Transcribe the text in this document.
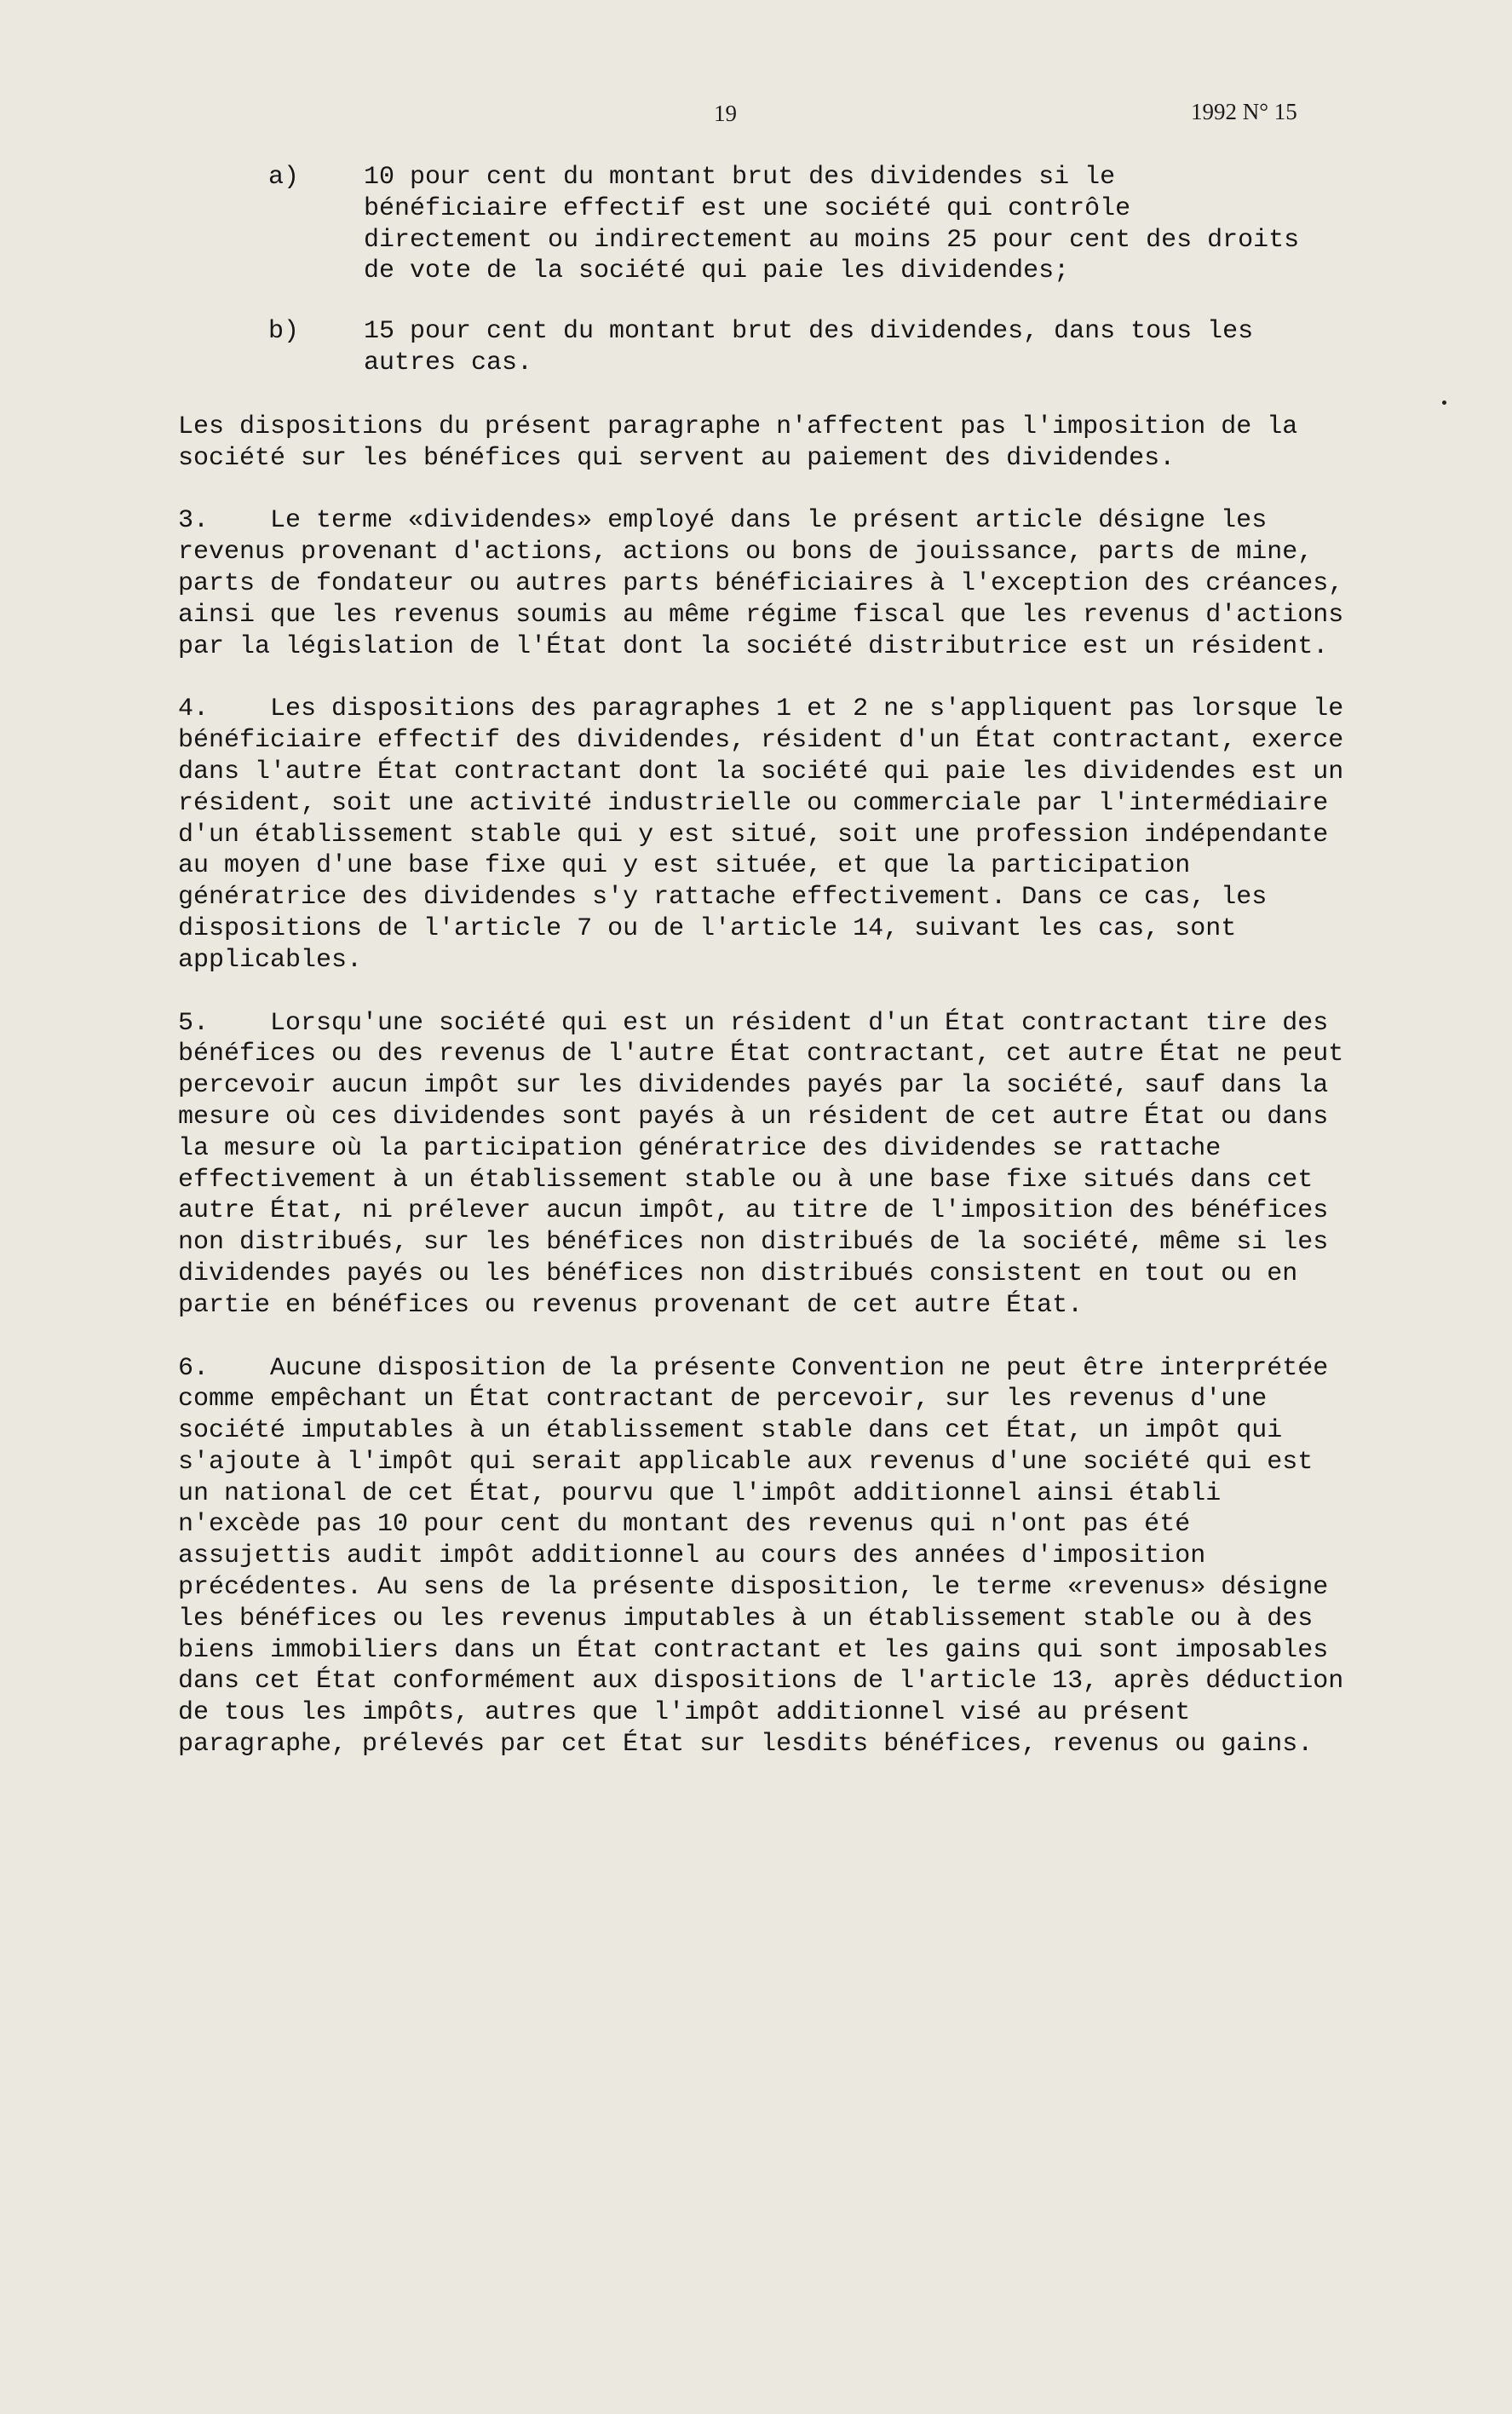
19	1992 N° 15
a)	10 pour cent du montant brut des dividendes si le bénéficiaire effectif est une société qui contrôle directement ou indirectement au moins 25 pour cent des droits de vote de la société qui paie les dividendes;
b)	15 pour cent du montant brut des dividendes, dans tous les autres cas.

Les dispositions du présent paragraphe n'affectent pas l'imposition de la société sur les bénéfices qui servent au paiement des dividendes.

3. Le terme «dividendes» employé dans le présent article désigne les revenus provenant d'actions, actions ou bons de jouissance, parts de mine, parts de fondateur ou autres parts bénéficiaires à l'exception des créances, ainsi que les revenus soumis au même régime fiscal que les revenus d'actions par la législation de l'État dont la société distributrice est un résident.

4. Les dispositions des paragraphes 1 et 2 ne s'appliquent pas lorsque le bénéficiaire effectif des dividendes, résident d'un État contractant, exerce dans l'autre État contractant dont la société qui paie les dividendes est un résident, soit une activité industrielle ou commerciale par l'intermédiaire d'un établissement stable qui y est situé, soit une profession indépendante au moyen d'une base fixe qui y est située, et que la participation génératrice des dividendes s'y rattache effectivement. Dans ce cas, les dispositions de l'article 7 ou de l'article 14, suivant les cas, sont applicables.

5. Lorsqu'une société qui est un résident d'un État contractant tire des bénéfices ou des revenus de l'autre État contractant, cet autre État ne peut percevoir aucun impôt sur les dividendes payés par la société, sauf dans la mesure où ces dividendes sont payés à un résident de cet autre État ou dans la mesure où la participation génératrice des dividendes se rattache effectivement à un établissement stable ou à une base fixe situés dans cet autre État, ni prélever aucun impôt, au titre de l'imposition des bénéfices non distribués, sur les bénéfices non distribués de la société, même si les dividendes payés ou les bénéfices non distribués consistent en tout ou en partie en bénéfices ou revenus provenant de cet autre État.

6. Aucune disposition de la présente Convention ne peut être interprétée comme empêchant un État contractant de percevoir, sur les revenus d'une société imputables à un établissement stable dans cet État, un impôt qui s'ajoute à l'impôt qui serait applicable aux revenus d'une société qui est un national de cet État, pourvu que l'impôt additionnel ainsi établi n'excède pas 10 pour cent du montant des revenus qui n'ont pas été assujettis audit impôt additionnel au cours des années d'imposition précédentes. Au sens de la présente disposition, le terme «revenus» désigne les bénéfices ou les revenus imputables à un établissement stable ou à des biens immobiliers dans un État contractant et les gains qui sont imposables dans cet État conformément aux dispositions de l'article 13, après déduction de tous les impôts, autres que l'impôt additionnel visé au présent paragraphe, prélevés par cet État sur lesdits bénéfices, revenus ou gains.
